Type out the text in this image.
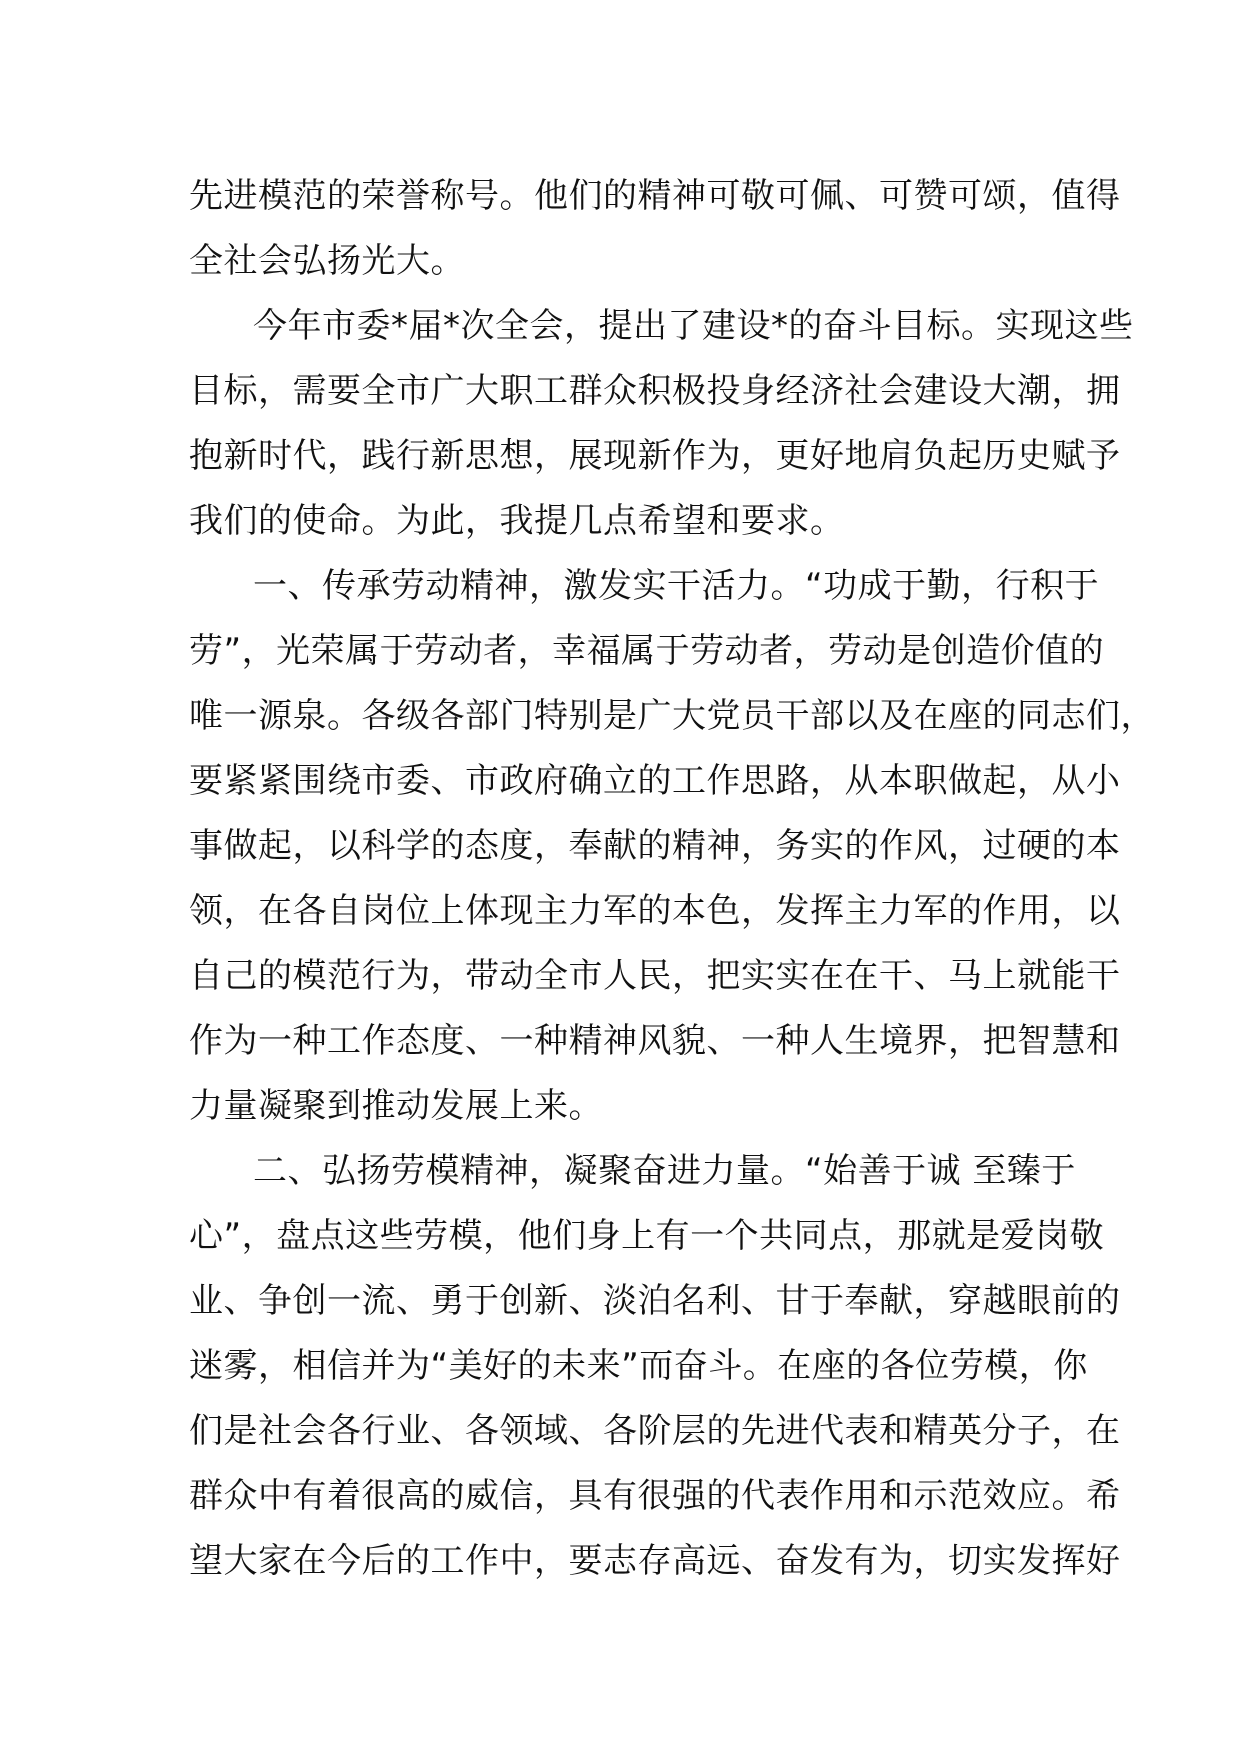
先进模范的荣誉称号。他们的精神可敬可佩、可赞可颂，值得
全社会弘扬光大。
今年市委*届*次全会，提出了建设*的奋斗目标。实现这些
目标，需要全市广大职工群众积极投身经济社会建设大潮，拥
抱新时代，践行新思想，展现新作为，更好地肩负起历史赋予
我们的使命。为此，我提几点希望和要求。
一、传承劳动精神，激发实干活力。“功成于勤，行积于
劳”，光荣属于劳动者，幸福属于劳动者，劳动是创造价值的
唯一源泉。各级各部门特别是广大党员干部以及在座的同志们，
要紧紧围绕市委、市政府确立的工作思路，从本职做起，从小
事做起，以科学的态度，奉献的精神，务实的作风，过硬的本
领，在各自岗位上体现主力军的本色，发挥主力军的作用，以
自己的模范行为，带动全市人民，把实实在在干、马上就能干
作为一种工作态度、一种精神风貌、一种人生境界，把智慧和
力量凝聚到推动发展上来。
二、弘扬劳模精神，凝聚奋进力量。“始善于诚 至臻于
心”，盘点这些劳模，他们身上有一个共同点，那就是爱岗敬
业、争创一流、勇于创新、淡泊名利、甘于奉献，穿越眼前的
迷雾，相信并为“美好的未来”而奋斗。在座的各位劳模，你
们是社会各行业、各领域、各阶层的先进代表和精英分子，在
群众中有着很高的威信，具有很强的代表作用和示范效应。希
望大家在今后的工作中，要志存高远、奋发有为，切实发挥好
